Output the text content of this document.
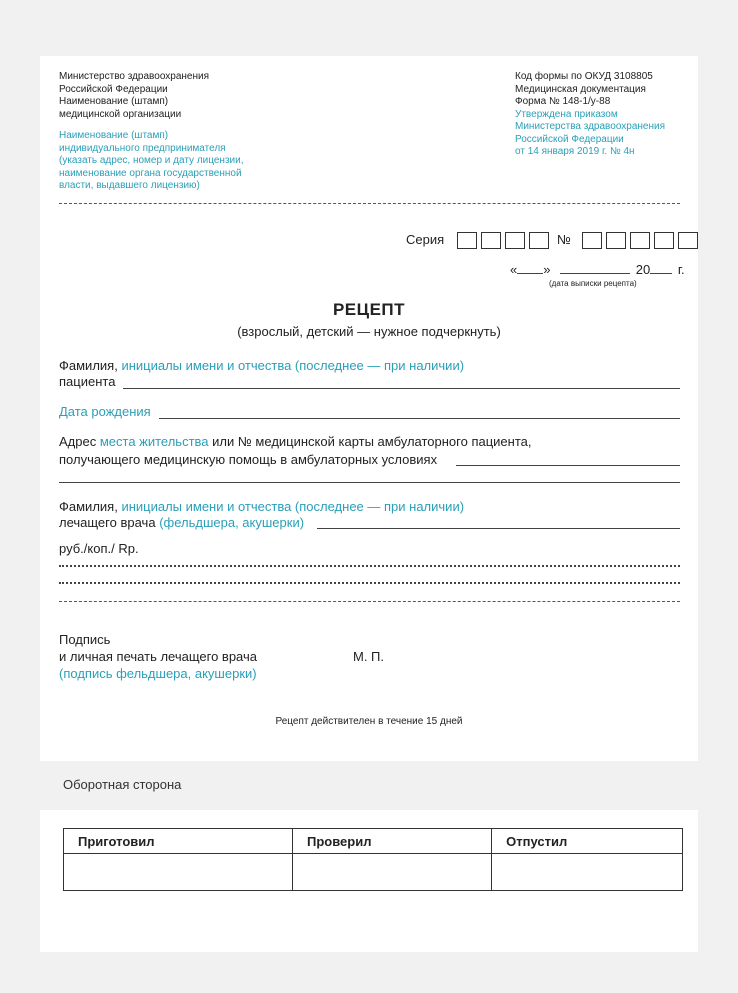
Министерство здравоохранения
Российской Федерации
Наименование (штамп)
медицинской организации
Наименование (штамп)
индивидуального предпринимателя
(указать адрес, номер и дату лицензии,
наименование органа государственной
власти, выдавшего лицензию)
Код формы по ОКУД 3108805
Медицинская документация
Форма № 148-1/у-88
Утверждена приказом
Министерства здравоохранения
Российской Федерации
от 14 января 2019 г. № 4н
Серия	№
« »	20 г.
(дата выписки рецепта)
РЕЦЕПТ
(взрослый, детский — нужное подчеркнуть)
Фамилия, инициалы имени и отчества (последнее — при наличии)
пациента
Дата рождения
Адрес места жительства или № медицинской карты амбулаторного пациента,
получающего медицинскую помощь в амбулаторных условиях
Фамилия, инициалы имени и отчества (последнее — при наличии)
лечащего врача (фельдшера, акушерки)
руб./коп./ Rp.
Подпись
и личная печать лечащего врача
(подпись фельдшера, акушерки)
М. П.
Рецепт действителен в течение 15 дней
Оборотная сторона
Приготовил	Проверил	Отпустил
